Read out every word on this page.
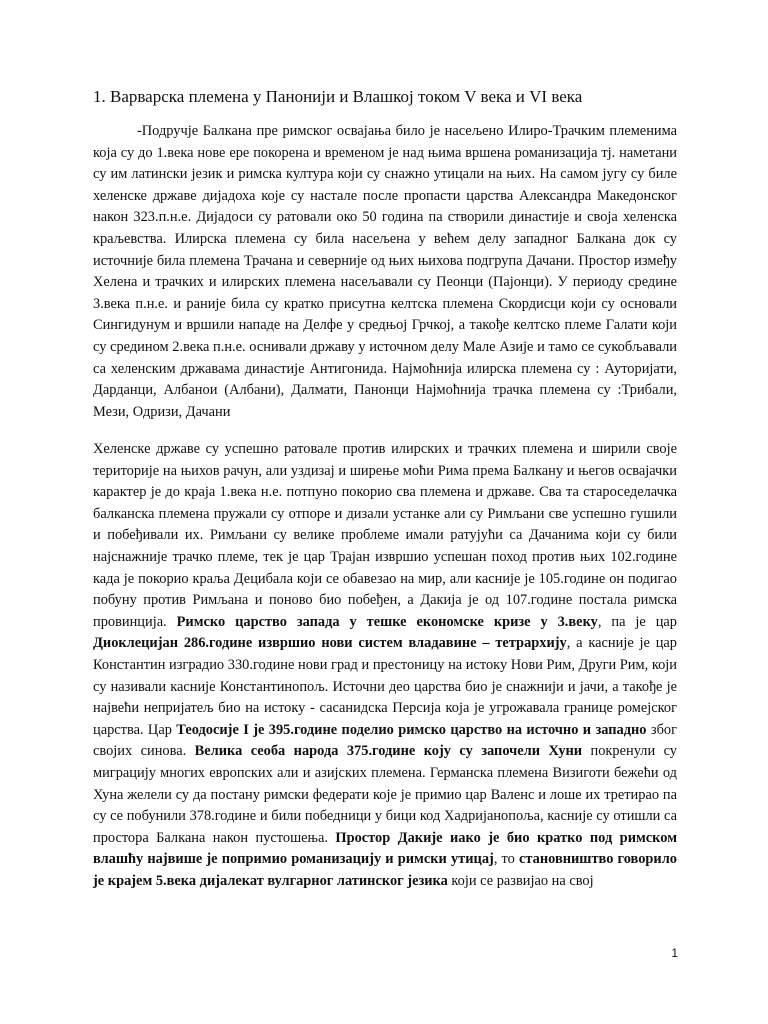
1. Варварска племена у Панонији и Влашкој током V века и VI века
-Подручје Балкана пре римског освајања било је насељено Илиро-Трачким племенима која су до 1.века нове ере покорена и временом је над њима вршена романизација тј. наметани су им латински језик и римска култура који су снажно утицали на њих. На самом југу су биле хеленске државе дијадоха које су настале после пропасти царства Александра Македонског након 323.п.н.е. Дијадоси су ратовали око 50 година па створили династије и своја хеленска краљевства. Илирска племена су била насељена у већем делу западног Балкана док су источније била племена Трачана и северније од њих њихова подгрупа Дачани. Простор између Хелена и трачких и илирских племена насељавали су Пеонци (Пајонци). У периоду средине 3.века п.н.е. и раније била су кратко присутна келтска племена Скордисци који су основали Сингидунум и вршили нападе на Делфе у средњој Грчкој, а такође келтско племе Галати који су средином 2.века п.н.е. оснивали државу у источном делу Мале Азије и тамо се сукобљавали са хеленским државама династије Антигонида. Најмоћнија илирска племена су : Ауторијати, Дарданци, Албанои (Албани), Далмати, Панонци Најмоћнија трачка племена су :Трибали, Мези, Одризи, Дачани
Хеленске државе су успешно ратовале против илирских и трачких племена и ширили своје територије на њихов рачун, али уздизај и ширење моћи Рима према Балкану и његов освајачки карактер је до краја 1.века н.е. потпуно покорио сва племена и државе. Сва та староседелачка балканска племена пружали су отпоре и дизали устанке али су Римљани све успешно гушили и побеђивали их. Римљани су велике проблеме имали ратујући са Дачанима који су били најснажније трачко племе, тек је цар Трајан извршио успешан поход против њих 102.године када је покорио краља Децибала који се обавезао на мир, али касније је 105.године он подигао побуну против Римљана и поново био побеђен, а Дакија је од 107.године постала римска провинција. Римско царство запада у тешке економске кризе у 3.веку, па је цар Диоклецијан 286.године извршио нови систем владавине – тетрархију, а касније је цар Константин изградио 330.године нови град и престоницу на истоку Нови Рим, Други Рим, који су називали касније Константинопољ. Источни део царства био је снажнији и јачи, а такође је највећи непријатељ био на истоку - сасанидска Персија која је угрожавала границе ромејског царства. Цар Теодосије I је 395.године поделио римско царство на источно и западно због својих синова. Велика сеоба народа 375.године коју су започели Хуни покренули су миграцију многих европских али и азијских племена. Германска племена Визиготи бежећи од Хуна желели су да постану римски федерати које је примио цар Валенс и лоше их третирао па су се побунили 378.године и били победници у бици код Хадријанопоља, касније су отишли са простора Балкана након пустошења. Простор Дакије иако је био кратко под римском влашћу највише је попримио романизацију и римски утицај, то становништво говорило је крајем 5.века дијалекат вулгарног латинског језика који се развијао на свој
1
